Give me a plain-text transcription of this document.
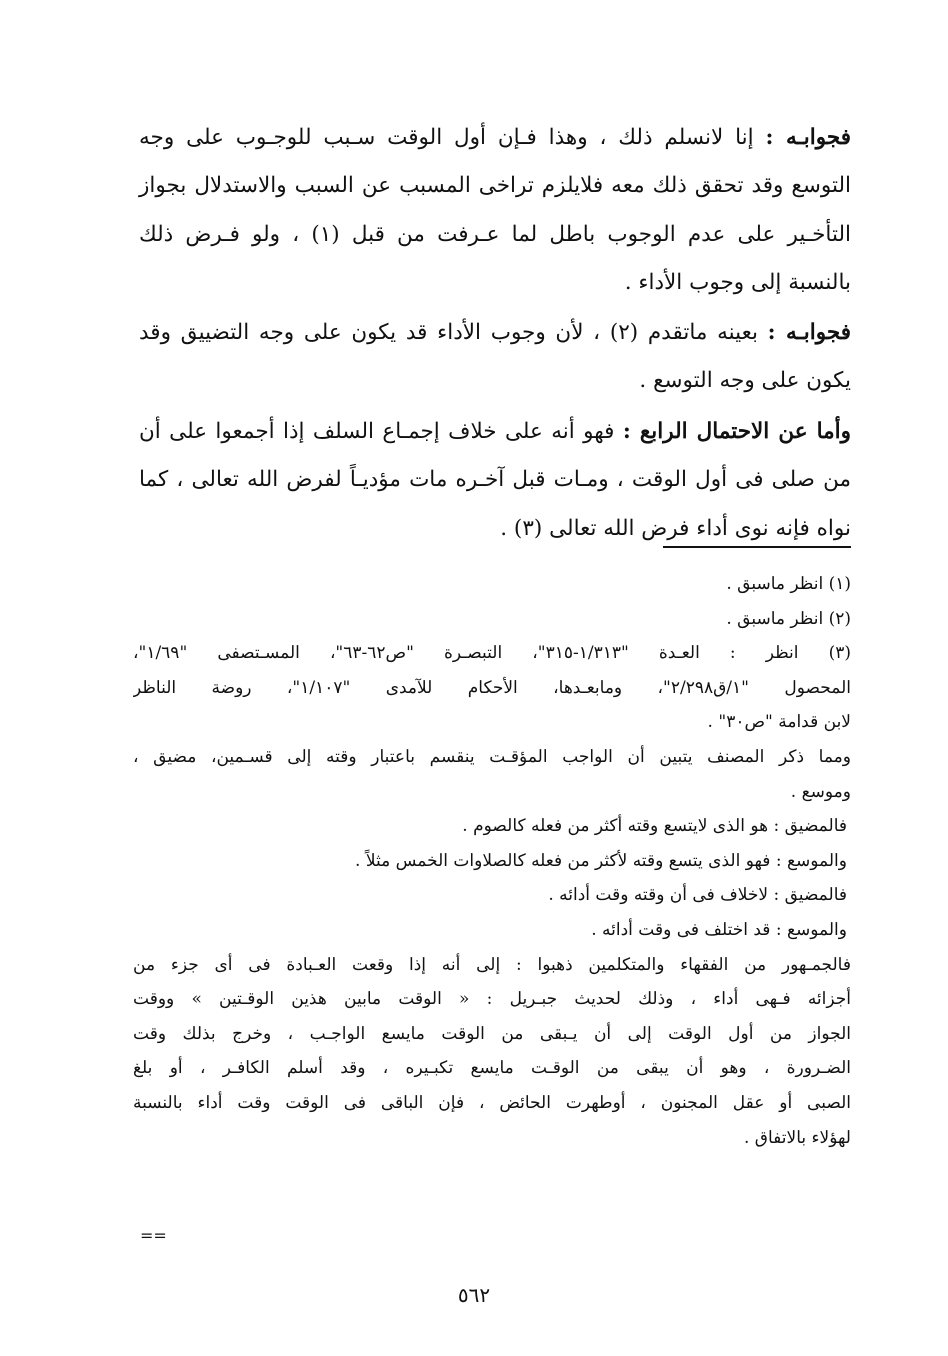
فجوابـه : إنا لانسلم ذلك ، وهذا فـإن أول الوقت سـبب للوجـوب على وجه التوسع وقد تحقق ذلك معه فلايلزم تراخى المسبب عن السبب والاستدلال بجواز التأخـير على عدم الوجوب باطل لما عـرفت من قبل (١) ، ولو فـرض ذلك بالنسبة إلى وجوب الأداء .

فجوابـه : بعينه ماتقدم (٢) ، لأن وجوب الأداء قد يكون على وجه التضييق وقد يكون على وجه التوسع .

وأما عن الاحتمال الرابع : فهو أنه على خلاف إجمـاع السلف إذا أجمعوا على أن من صلى فى أول الوقت ، ومـات قبل آخـره مات مؤديـاً لفرض الله تعالى ، كما نواه فإنه نوى أداء فرض الله تعالى (٣) .

(١) انظر ماسبق .
(٢) انظر ماسبق .
(٣) انظر : العـدة "١/٣١٣-٣١٥"، التبصـرة "ص٦٢-٦٣"، المسـتصفى "١/٦٩"،
المحصول "١/ق٢/٢٩٨"، ومابعـدها، الأحكام للآمدى "١/١٠٧"، روضة الناظر
لابن قدامة "ص٣٠" .
ومما ذكر المصنف يتبين أن الواجب المؤقـت ينقسم باعتبار وقته إلى قسـمين، مضيق ،
وموسع .
فالمضيق : هو الذى لايتسع وقته أكثر من فعله كالصوم .
والموسع : فهو الذى يتسع وقته لأكثر من فعله كالصلاوات الخمس مثلاً .
فالمضيق : لاخلاف فى أن وقته وقت أدائه .
والموسع : قد اختلف فى وقت أدائه .
فالجمـهور من الفقهاء والمتكلمين ذهبوا : إلى أنه إذا وقعت العـبادة فى أى جزء من
أجزائه فـهى أداء ، وذلك لحديث جبـريل : « الوقت مابين هذين الوقـتين » ووقت
الجواز من أول الوقت إلى أن يـبقى من الوقت مايسع الواجـب ، وخرج بذلك وقت
الضـرورة ، وهو أن يبقى من الوقـت مايسع تكبـيره ، وقد أسلم الكافـر ، أو بلغ
الصبى أو عقل المجنون ، أوطهرت الحائض ، فإن الباقى فى الوقت وقت أداء بالنسبة
لهؤلاء بالاتفاق .
==
٥٦٢
